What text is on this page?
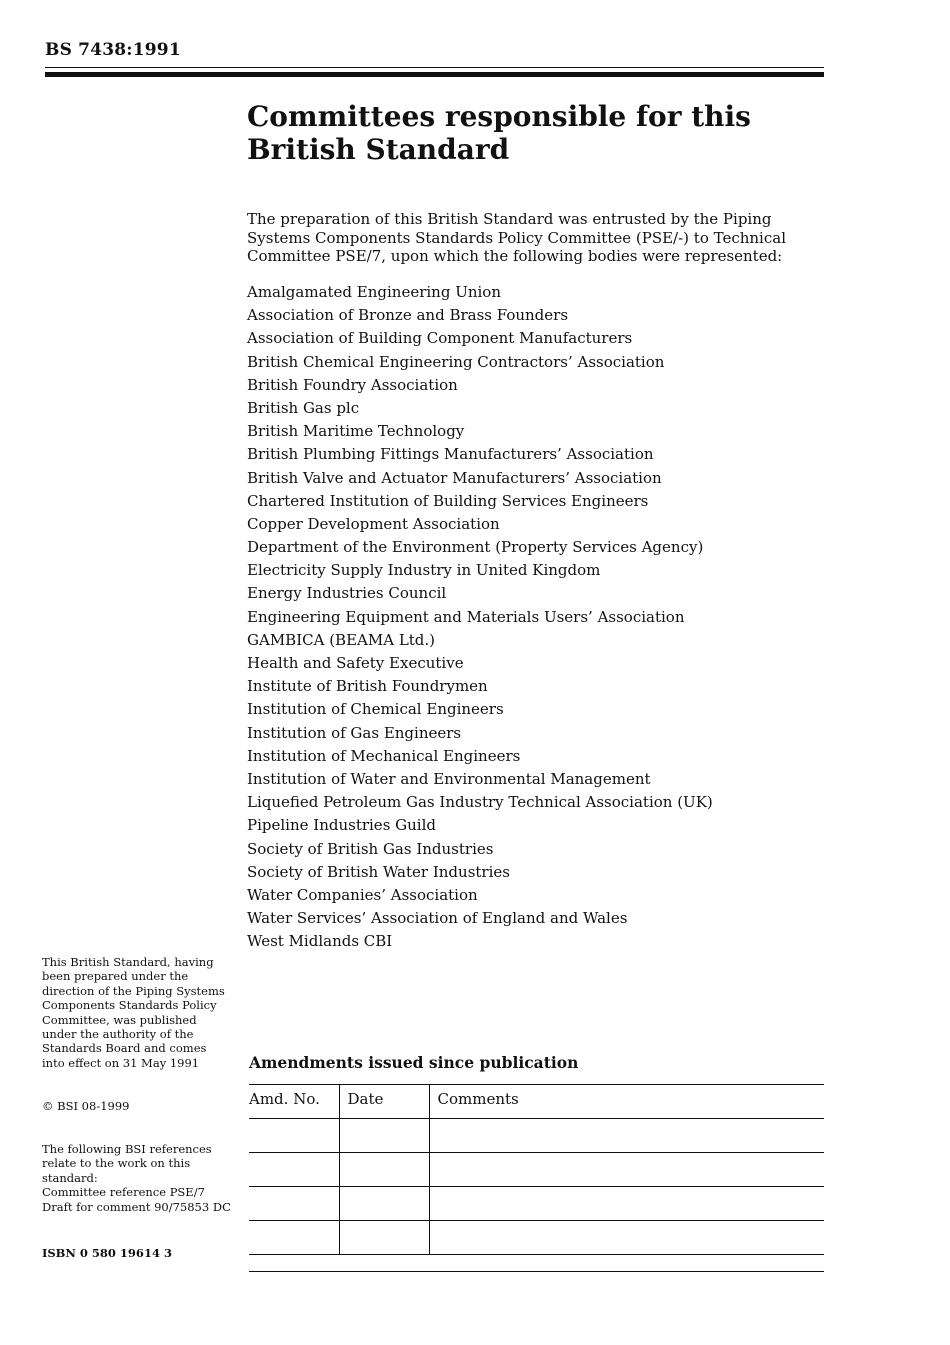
BS 7438:1991
Committees responsible for this
British Standard

The preparation of this British Standard was entrusted by the Piping Systems Components Standards Policy Committee (PSE/-) to Technical Committee PSE/7, upon which the following bodies were represented:

Amalgamated Engineering Union
Association of Bronze and Brass Founders
Association of Building Component Manufacturers
British Chemical Engineering Contractors’ Association
British Foundry Association
British Gas plc
British Maritime Technology
British Plumbing Fittings Manufacturers’ Association
British Valve and Actuator Manufacturers’ Association
Chartered Institution of Building Services Engineers
Copper Development Association
Department of the Environment (Property Services Agency)
Electricity Supply Industry in United Kingdom
Energy Industries Council
Engineering Equipment and Materials Users’ Association
GAMBICA (BEAMA Ltd.)
Health and Safety Executive
Institute of British Foundrymen
Institution of Chemical Engineers
Institution of Gas Engineers
Institution of Mechanical Engineers
Institution of Water and Environmental Management
Liquefied Petroleum Gas Industry Technical Association (UK)
Pipeline Industries Guild
Society of British Gas Industries
Society of British Water Industries
Water Companies’ Association
Water Services’ Association of England and Wales
West Midlands CBI

This British Standard, having been prepared under the direction of the Piping Systems Components Standards Policy Committee, was published under the authority of the Standards Board and comes into effect on 31 May 1991

© BSI 08-1999

The following BSI references relate to the work on this standard:
Committee reference PSE/7
Draft for comment 90/75853 DC

ISBN 0 580 19614 3
Amendments issued since publication
Amd. No.	Date	Comments
